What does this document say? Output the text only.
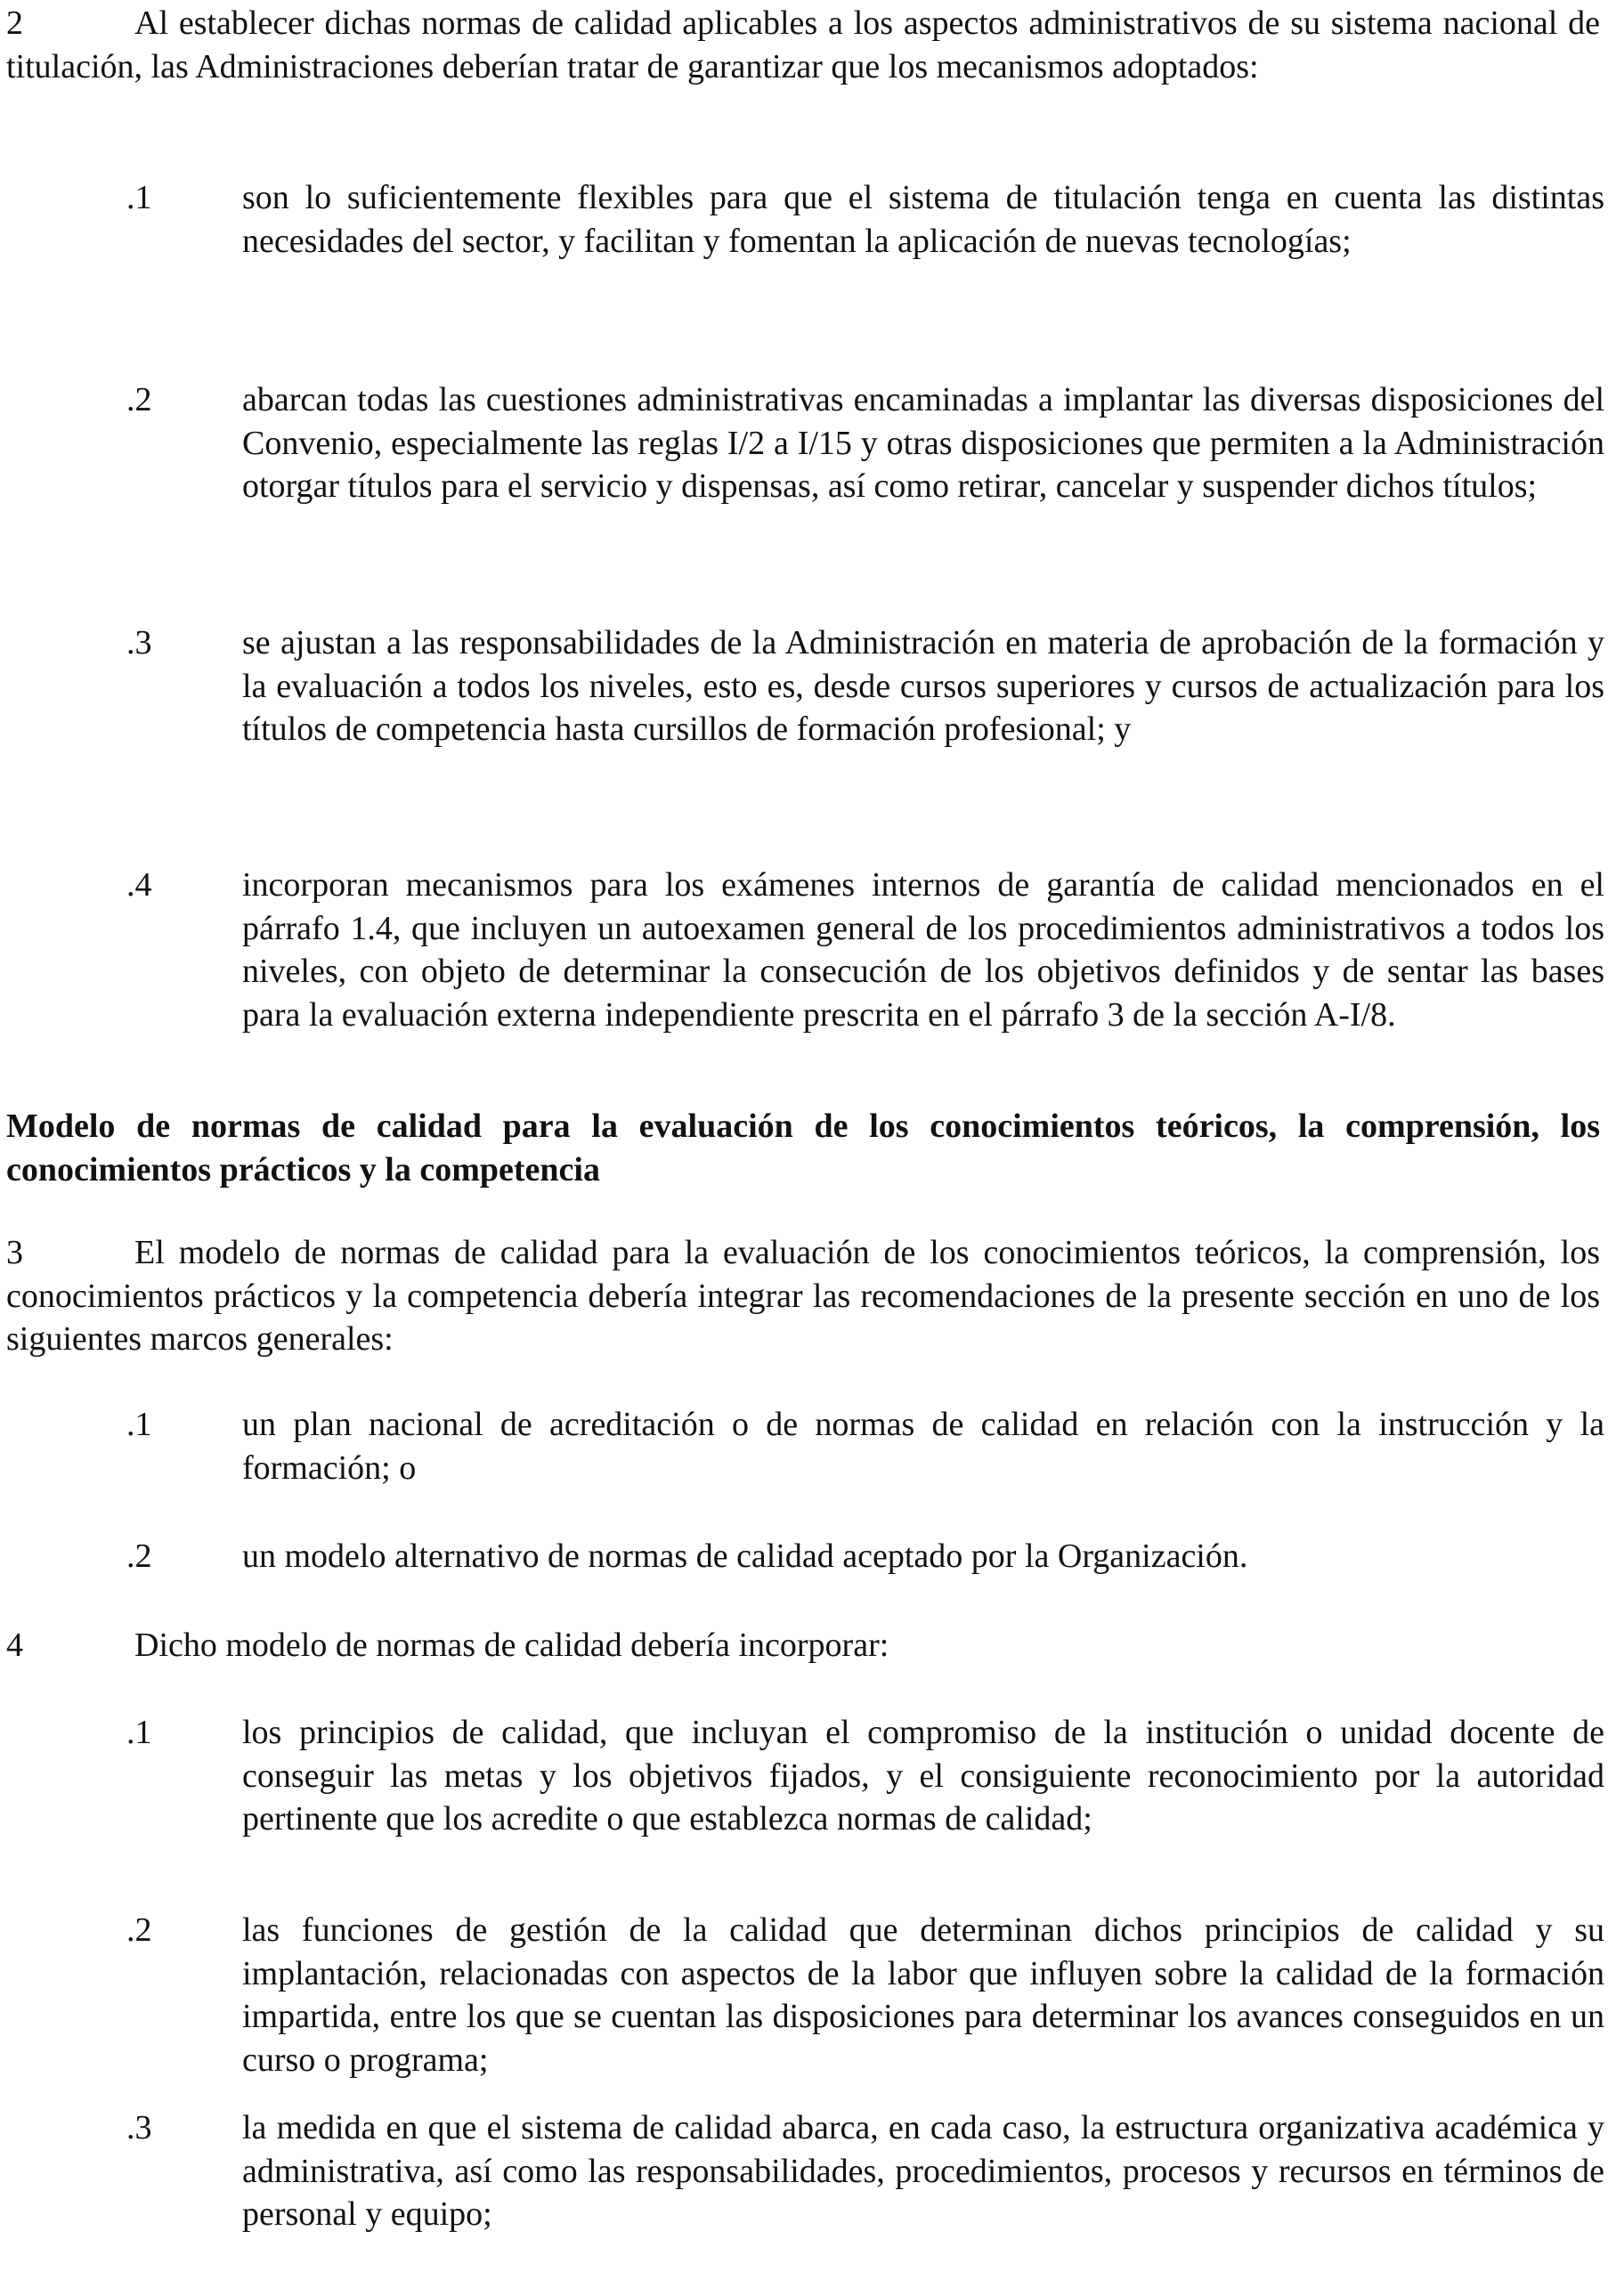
2	Al establecer dichas normas de calidad aplicables a los aspectos administrativos de su sistema nacional de titulación, las Administraciones deberían tratar de garantizar que los mecanismos adoptados:
.1	son lo suficientemente flexibles para que el sistema de titulación tenga en cuenta las distintas necesidades del sector, y facilitan y fomentan la aplicación de nuevas tecnologías;
.2	abarcan todas las cuestiones administrativas encaminadas a implantar las diversas disposiciones del Convenio, especialmente las reglas I/2 a I/15 y otras disposiciones que permiten a la Administración otorgar títulos para el servicio y dispensas, así como retirar, cancelar y suspender dichos títulos;
.3	se ajustan a las responsabilidades de la Administración en materia de aprobación de la formación y la evaluación a todos los niveles, esto es, desde cursos superiores y cursos de actualización para los títulos de competencia hasta cursillos de formación profesional; y
.4	incorporan mecanismos para los exámenes internos de garantía de calidad mencionados en el párrafo 1.4, que incluyen un autoexamen general de los procedimientos administrativos a todos los niveles, con objeto de determinar la consecución de los objetivos definidos y de sentar las bases para la evaluación externa independiente prescrita en el párrafo 3 de la sección A-I/8.
Modelo de normas de calidad para la evaluación de los conocimientos teóricos, la comprensión, los conocimientos prácticos y la competencia
3	El modelo de normas de calidad para la evaluación de los conocimientos teóricos, la comprensión, los conocimientos prácticos y la competencia debería integrar las recomendaciones de la presente sección en uno de los siguientes marcos generales:
.1	un plan nacional de acreditación o de normas de calidad en relación con la instrucción y la formación; o
.2	un modelo alternativo de normas de calidad aceptado por la Organización.
4	Dicho modelo de normas de calidad debería incorporar:
.1	los principios de calidad, que incluyan el compromiso de la institución o unidad docente de conseguir las metas y los objetivos fijados, y el consiguiente reconocimiento por la autoridad pertinente que los acredite o que establezca normas de calidad;
.2	las funciones de gestión de la calidad que determinan dichos principios de calidad y su implantación, relacionadas con aspectos de la labor que influyen sobre la calidad de la formación impartida, entre los que se cuentan las disposiciones para determinar los avances conseguidos en un curso o programa;
.3	la medida en que el sistema de calidad abarca, en cada caso, la estructura organizativa académica y administrativa, así como las responsabilidades, procedimientos, procesos y recursos en términos de personal y equipo;
